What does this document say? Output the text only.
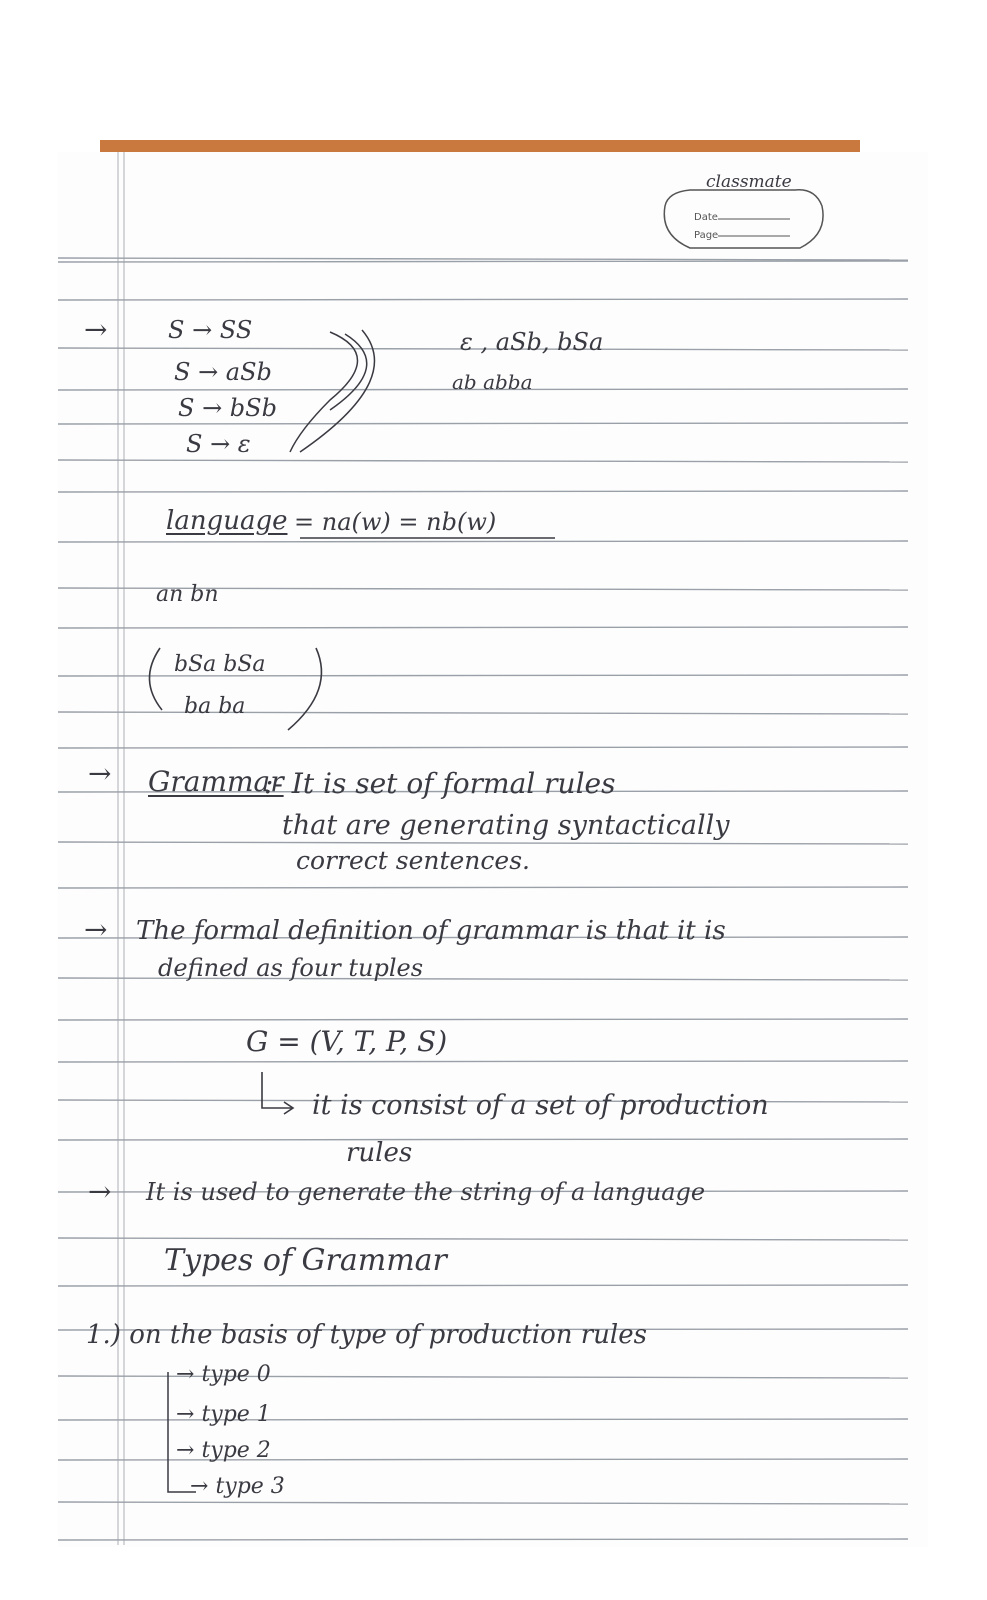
classmate
Date
Page
→
→
→
→
S → SS
S → aSb
S → bSb
S → ε
ε , aSb, bSa
ab abba
language = na(w) = nb(w)
an bn
bSa bSa
ba ba
Grammar
:- It is set of formal rules
that are generating syntactically
correct sentences.
The formal definition of grammar is that it is
defined as four tuples
G = (V, T, P, S)
it is consist of a set of production
rules
It is used to generate the string of a language
Types of Grammar
1.) on the basis of type of production rules
→ type 0
→ type 1
→ type 2
→ type 3
